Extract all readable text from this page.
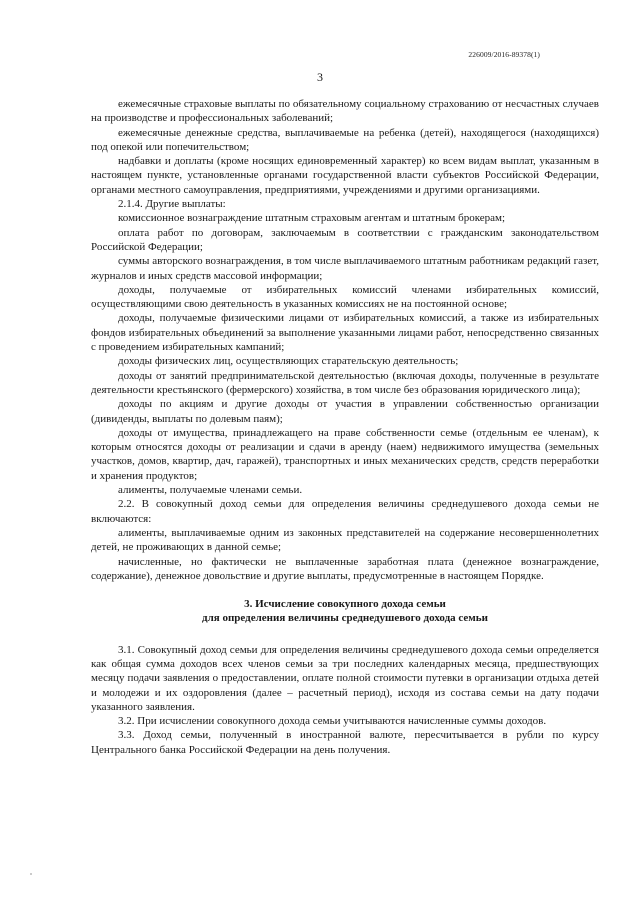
226009/2016-89378(1)
3

ежемесячные страховые выплаты по обязательному социальному страхованию от несчастных случаев на производстве и профессиональных заболеваний;

ежемесячные денежные средства, выплачиваемые на ребенка (детей), находящегося (находящихся) под опекой или попечительством;

надбавки и доплаты (кроме носящих единовременный характер) ко всем видам выплат, указанным в настоящем пункте, установленные органами государственной власти субъектов Российской Федерации, органами местного самоуправления, предприятиями, учреждениями и другими организациями.

2.1.4. Другие выплаты:

комиссионное вознаграждение штатным страховым агентам и штатным брокерам;

оплата работ по договорам, заключаемым в соответствии с гражданским законодательством Российской Федерации;

суммы авторского вознаграждения, в том числе выплачиваемого штатным работникам редакций газет, журналов и иных средств массовой информации;

доходы, получаемые от избирательных комиссий членами избирательных комиссий, осуществляющими свою деятельность в указанных комиссиях не на постоянной основе;

доходы, получаемые физическими лицами от избирательных комиссий, а также из избирательных фондов избирательных объединений за выполнение указанными лицами работ, непосредственно связанных с проведением избирательных кампаний;

доходы физических лиц, осуществляющих старательскую деятельность;

доходы от занятий предпринимательской деятельностью (включая доходы, полученные в результате деятельности крестьянского (фермерского) хозяйства, в том числе без образования юридического лица);

доходы по акциям и другие доходы от участия в управлении собственностью организации (дивиденды, выплаты по долевым паям);

доходы от имущества, принадлежащего на праве собственности семье (отдельным ее членам), к которым относятся доходы от реализации и сдачи в аренду (наем) недвижимого имущества (земельных участков, домов, квартир, дач, гаражей), транспортных и иных механических средств, средств переработки и хранения продуктов;

алименты, получаемые членами семьи.

2.2. В совокупный доход семьи для определения величины среднедушевого дохода семьи не включаются:

алименты, выплачиваемые одним из законных представителей на содержание несовершеннолетних детей, не проживающих в данной семье;

начисленные, но фактически не выплаченные заработная плата (денежное вознаграждение, содержание), денежное довольствие и другие выплаты, предусмотренные в настоящем Порядке.

3. Исчисление совокупного дохода семьи
для определения величины среднедушевого дохода семьи

3.1. Совокупный доход семьи для определения величины среднедушевого дохода семьи определяется как общая сумма доходов всех членов семьи за три последних календарных месяца, предшествующих месяцу подачи заявления о предоставлении, оплате полной стоимости путевки в организации отдыха детей и молодежи и их оздоровления (далее – расчетный период), исходя из состава семьи на дату подачи указанного заявления.

3.2. При исчислении совокупного дохода семьи учитываются начисленные суммы доходов.

3.3. Доход семьи, полученный в иностранной валюте, пересчитывается в рубли по курсу Центрального банка Российской Федерации на день получения.
